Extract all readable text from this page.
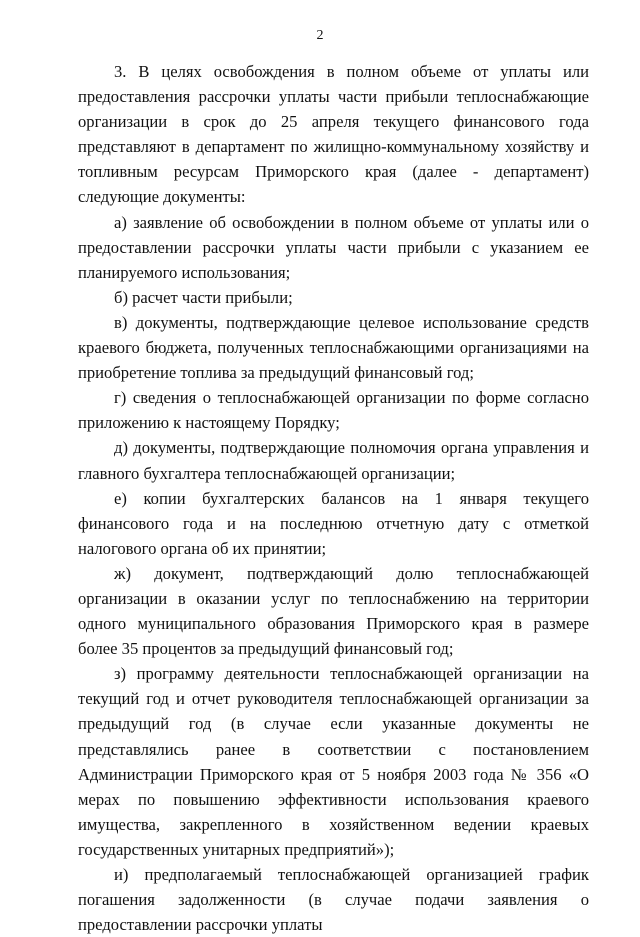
2

3. В целях освобождения в полном объеме от уплаты или предоставления рассрочки уплаты части прибыли теплоснабжающие организации в срок до 25 апреля текущего финансового года представляют в департамент по жилищно-коммунальному хозяйству и топливным ресурсам Приморского края (далее - департамент) следующие документы:

а) заявление об освобождении в полном объеме от уплаты или о предоставлении рассрочки уплаты части прибыли с указанием ее планируемого использования;

б) расчет части прибыли;

в) документы, подтверждающие целевое использование средств краевого бюджета, полученных теплоснабжающими организациями на приобретение топлива за предыдущий финансовый год;

г) сведения о теплоснабжающей организации по форме согласно приложению к настоящему Порядку;

д) документы, подтверждающие полномочия органа управления и главного бухгалтера теплоснабжающей организации;

е) копии бухгалтерских балансов на 1 января текущего финансового года и на последнюю отчетную дату с отметкой налогового органа об их принятии;

ж) документ, подтверждающий долю теплоснабжающей организации в оказании услуг по теплоснабжению на территории одного муниципального образования Приморского края в размере более 35 процентов за предыдущий финансовый год;

з) программу деятельности теплоснабжающей организации на текущий год и отчет руководителя теплоснабжающей организации за предыдущий год (в случае если указанные документы не представлялись ранее в соответствии с постановлением Администрации Приморского края от 5 ноября 2003 года № 356 «О мерах по повышению эффективности использования краевого имущества, закрепленного в хозяйственном ведении краевых государственных унитарных предприятий»);

и) предполагаемый теплоснабжающей организацией график погашения задолженности (в случае подачи заявления о предоставлении рассрочки уплаты
